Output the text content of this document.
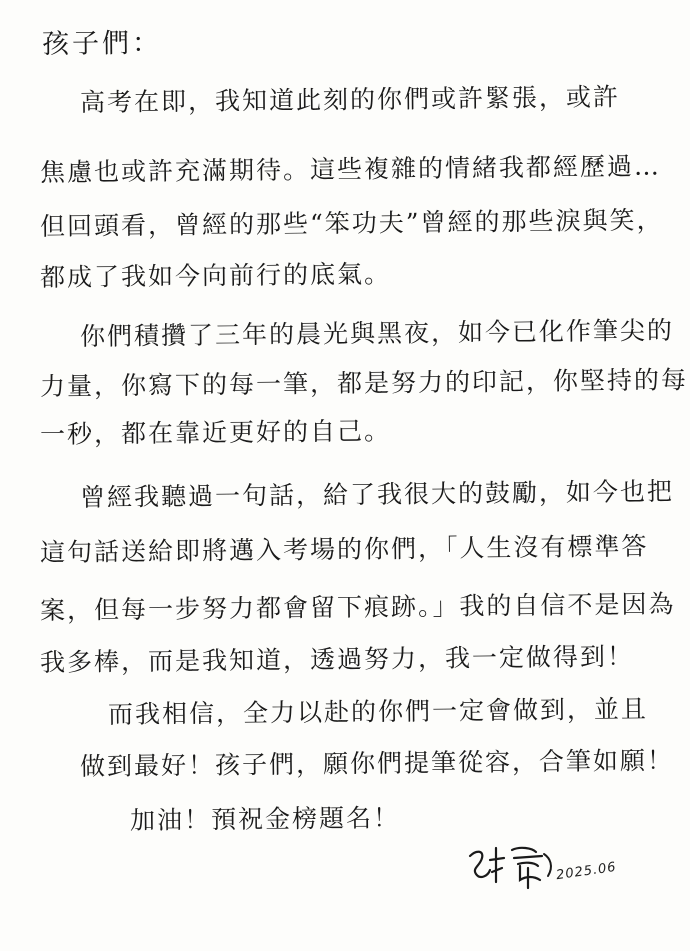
孩子們：
高考在即，我知道此刻的你們或許緊張，或許
焦慮也或許充滿期待。這些複雜的情緒我都經歷過…
但回頭看，曾經的那些“笨功夫”曾經的那些淚與笑，
都成了我如今向前行的底氣。
你們積攢了三年的晨光與黑夜，如今已化作筆尖的
力量，你寫下的每一筆，都是努力的印記，你堅持的每
一秒，都在靠近更好的自己。
曾經我聽過一句話，給了我很大的鼓勵，如今也把
這句話送給即將邁入考場的你們，「人生沒有標準答
案，但每一步努力都會留下痕跡。」我的自信不是因為
我多棒，而是我知道，透過努力，我一定做得到！
而我相信，全力以赴的你們一定會做到，並且
做到最好！孩子們，願你們提筆從容，合筆如願！
加油！預祝金榜題名！
2025.06
